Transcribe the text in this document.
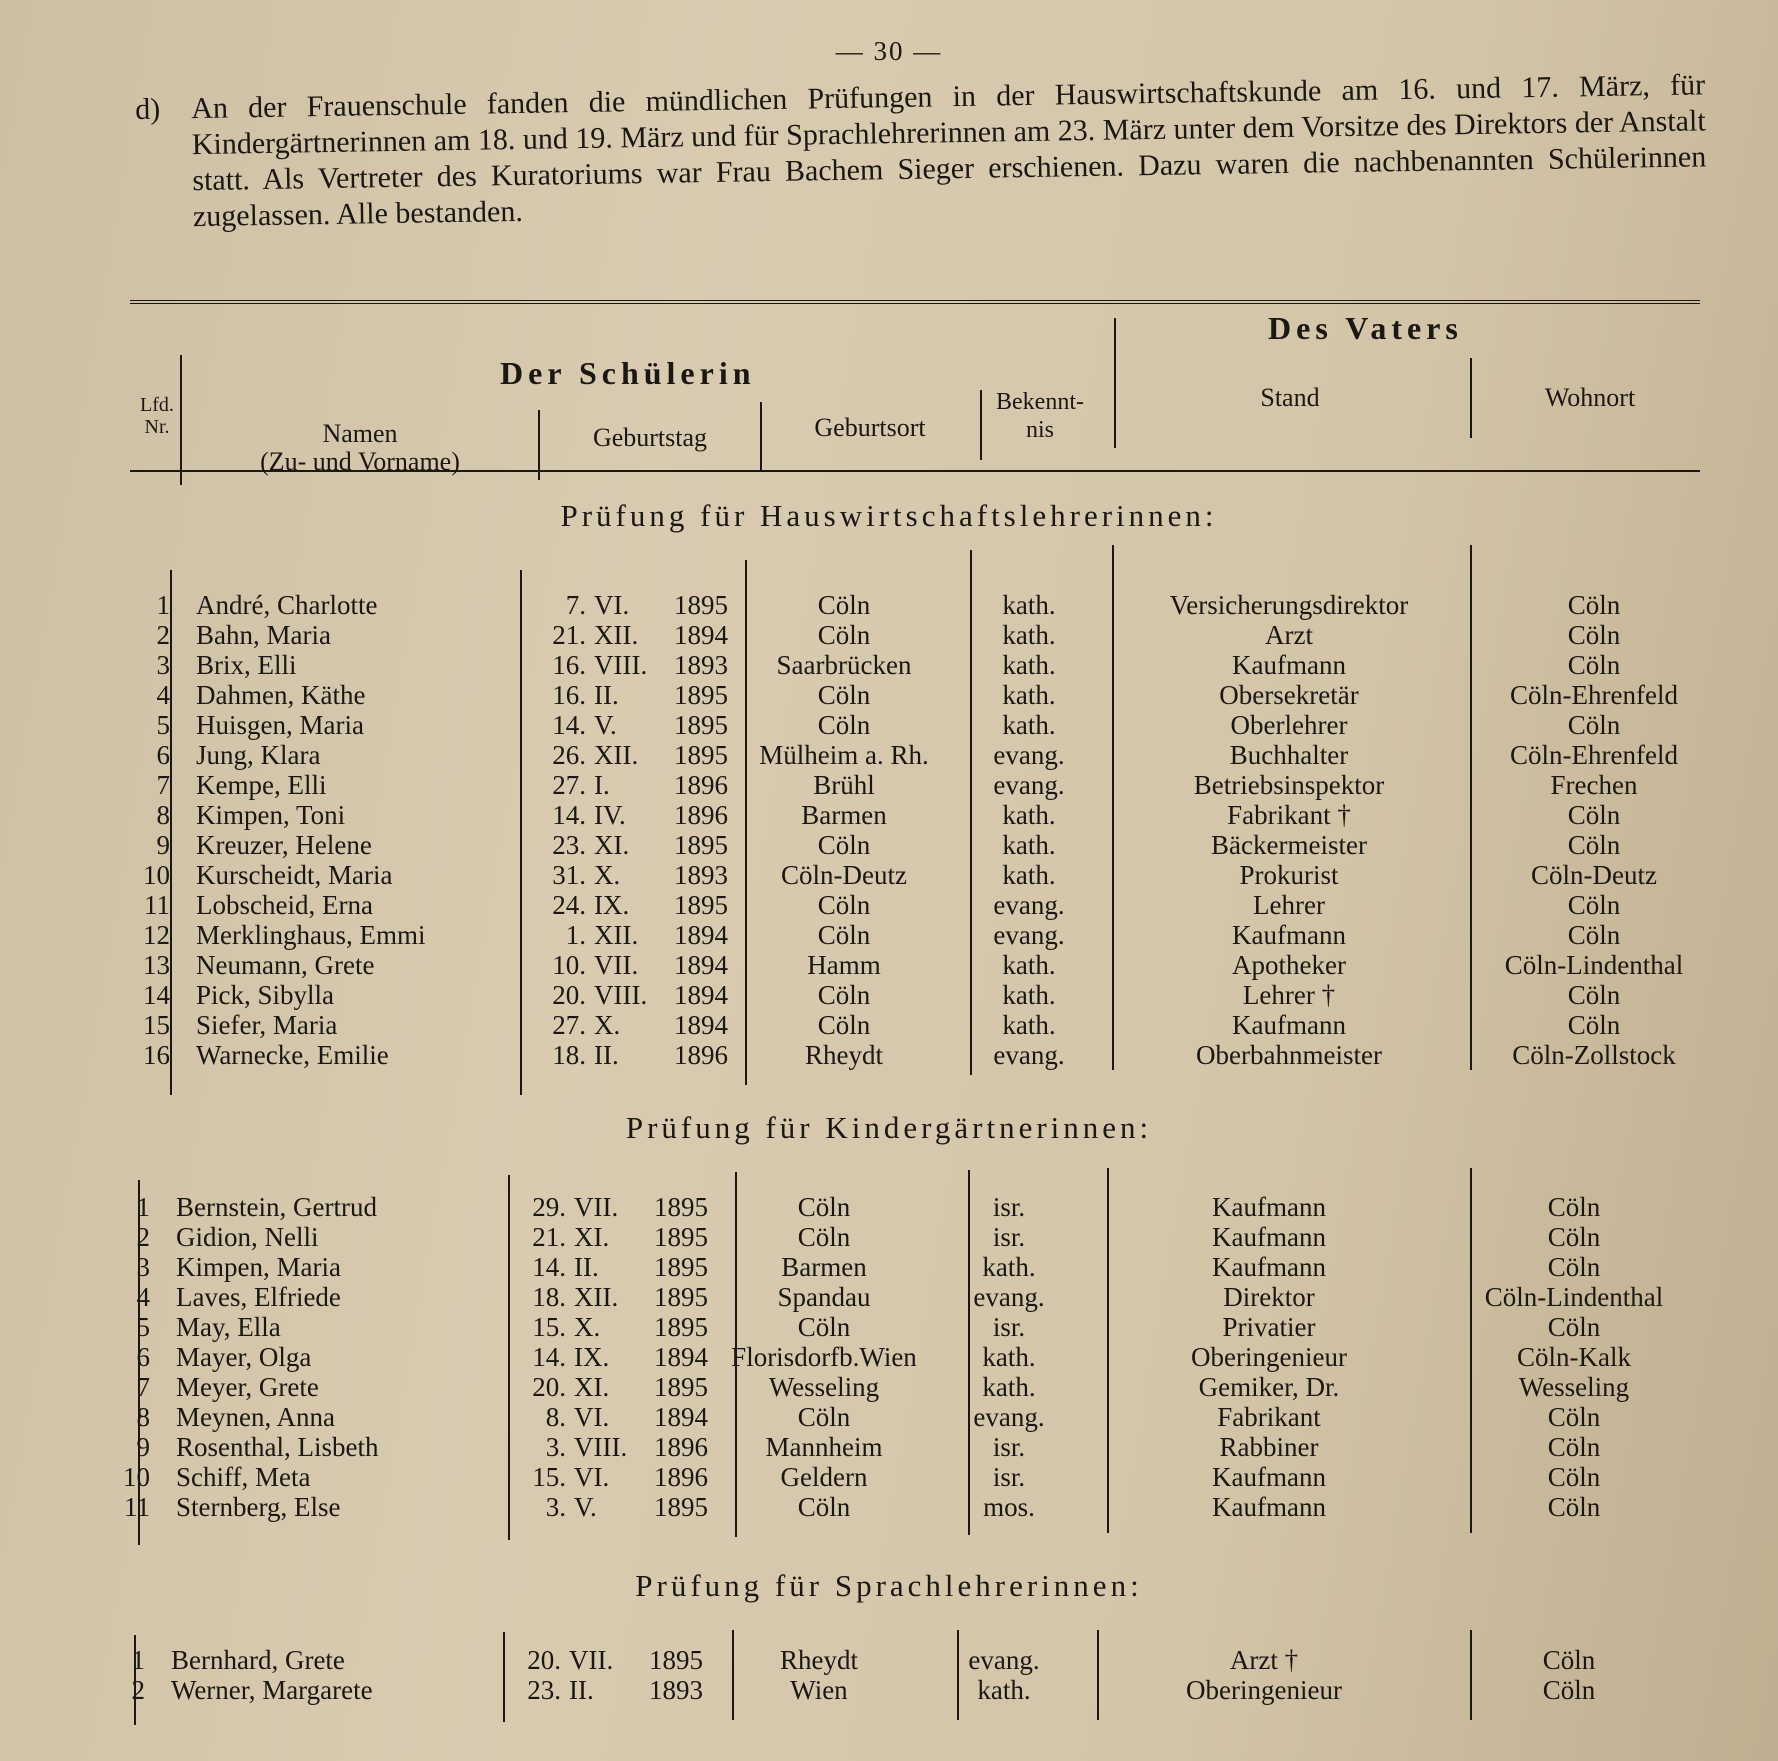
— 30 —
d) An der Frauenschule fanden die mündlichen Prüfungen in der Hauswirtschaftskunde am 16. und 17. März, für Kindergärtnerinnen am 18. und 19. März und für Sprachlehrerinnen am 23. März unter dem Vorsitze des Direktors der Anstalt statt. Als Vertreter des Kuratoriums war Frau Bachem Sieger erschienen. Dazu waren die nachbenannten Schülerinnen zugelassen. Alle bestanden.

Lfd. Nr.
Der Schülerin
Des Vaters
Namen
(Zu- und Vorname)
Geburtstag	Geburtsort
Bekennt-nis
Stand	Wohnort
Prüfung für Hauswirtschaftslehrerinnen:
1	André, Charlotte	7.	VI.	1895	Cöln	kath.	Versicherungsdirektor	Cöln
2	Bahn, Maria	21.	XII.	1894	Cöln	kath.	Arzt	Cöln
3	Brix, Elli	16.	VIII.	1893	Saarbrücken	kath.	Kaufmann	Cöln
4	Dahmen, Käthe	16.	II.	1895	Cöln	kath.	Obersekretär	Cöln-Ehrenfeld
5	Huisgen, Maria	14.	V.	1895	Cöln	kath.	Oberlehrer	Cöln
6	Jung, Klara	26.	XII.	1895	Mülheim a. Rh.	evang.	Buchhalter	Cöln-Ehrenfeld
7	Kempe, Elli	27.	I.	1896	Brühl	evang.	Betriebsinspektor	Frechen
8	Kimpen, Toni	14.	IV.	1896	Barmen	kath.	Fabrikant †	Cöln
9	Kreuzer, Helene	23.	XI.	1895	Cöln	kath.	Bäckermeister	Cöln
10	Kurscheidt, Maria	31.	X.	1893	Cöln-Deutz	kath.	Prokurist	Cöln-Deutz
11	Lobscheid, Erna	24.	IX.	1895	Cöln	evang.	Lehrer	Cöln
12	Merklinghaus, Emmi	1.	XII.	1894	Cöln	evang.	Kaufmann	Cöln
13	Neumann, Grete	10.	VII.	1894	Hamm	kath.	Apotheker	Cöln-Lindenthal
14	Pick, Sibylla	20.	VIII.	1894	Cöln	kath.	Lehrer †	Cöln
15	Siefer, Maria	27.	X.	1894	Cöln	kath.	Kaufmann	Cöln
16	Warnecke, Emilie	18.	II.	1896	Rheydt	evang.	Oberbahnmeister	Cöln-Zollstock
Prüfung für Kindergärtnerinnen:
1	Bernstein, Gertrud	29.	VII.	1895	Cöln	isr.	Kaufmann	Cöln
2	Gidion, Nelli	21.	XI.	1895	Cöln	isr.	Kaufmann	Cöln
3	Kimpen, Maria	14.	II.	1895	Barmen	kath.	Kaufmann	Cöln
4	Laves, Elfriede	18.	XII.	1895	Spandau	evang.	Direktor	Cöln-Lindenthal
5	May, Ella	15.	X.	1895	Cöln	isr.	Privatier	Cöln
6	Mayer, Olga	14.	IX.	1894	Florisdorfb.Wien	kath.	Oberingenieur	Cöln-Kalk
7	Meyer, Grete	20.	XI.	1895	Wesseling	kath.	Gemiker, Dr.	Wesseling
8	Meynen, Anna	8.	VI.	1894	Cöln	evang.	Fabrikant	Cöln
9	Rosenthal, Lisbeth	3.	VIII.	1896	Mannheim	isr.	Rabbiner	Cöln
10	Schiff, Meta	15.	VI.	1896	Geldern	isr.	Kaufmann	Cöln
11	Sternberg, Else	3.	V.	1895	Cöln	mos.	Kaufmann	Cöln
Prüfung für Sprachlehrerinnen:
1	Bernhard, Grete	20.	VII.	1895	Rheydt	evang.	Arzt †	Cöln
2	Werner, Margarete	23.	II.	1893	Wien	kath.	Oberingenieur	Cöln
